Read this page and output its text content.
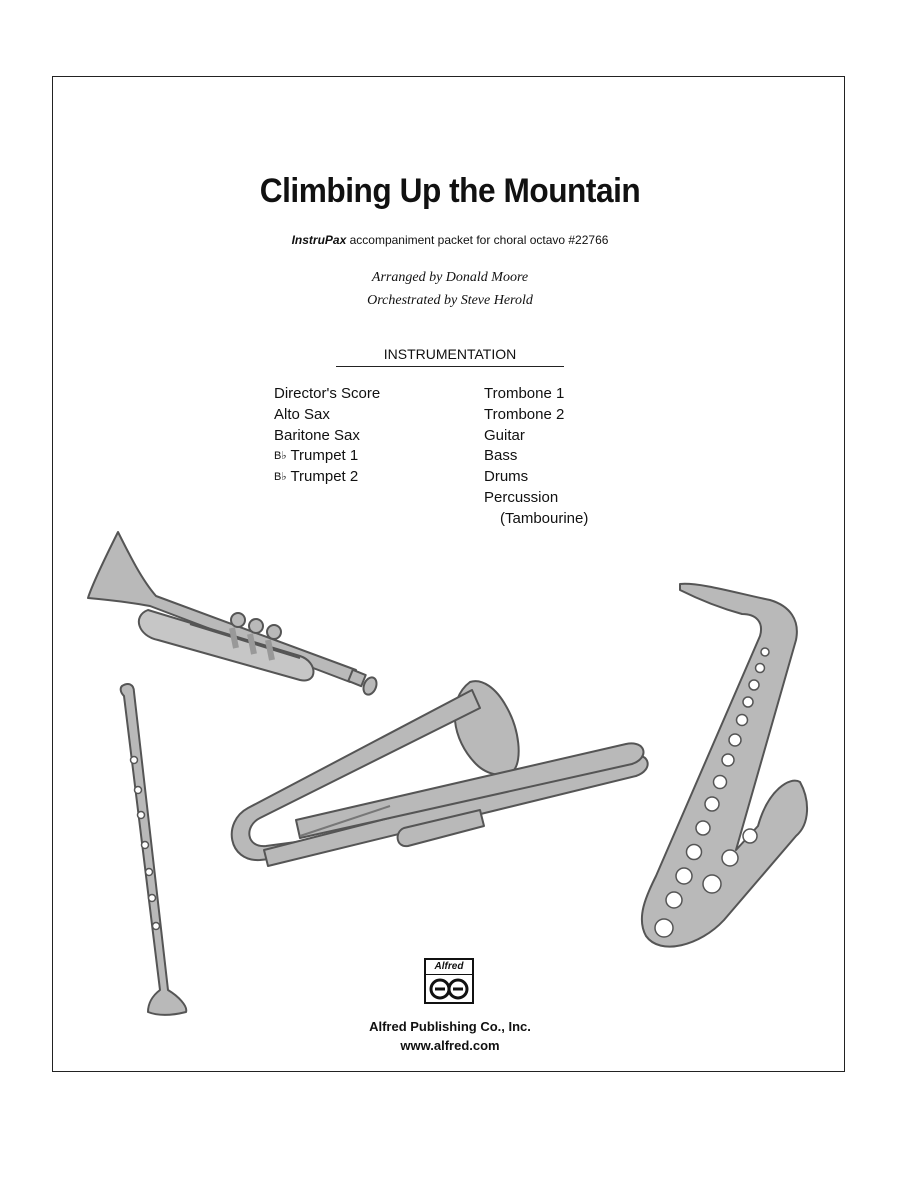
Climbing Up the Mountain
InstruPax accompaniment packet for choral octavo #22766
Arranged by Donald Moore
Orchestrated by Steve Herold
INSTRUMENTATION
Director's Score
Alto Sax
Baritone Sax
B♭ Trumpet 1
B♭ Trumpet 2
Trombone 1
Trombone 2
Guitar
Bass
Drums
Percussion
(Tambourine)
Alfred
Alfred Publishing Co., Inc.
www.alfred.com
